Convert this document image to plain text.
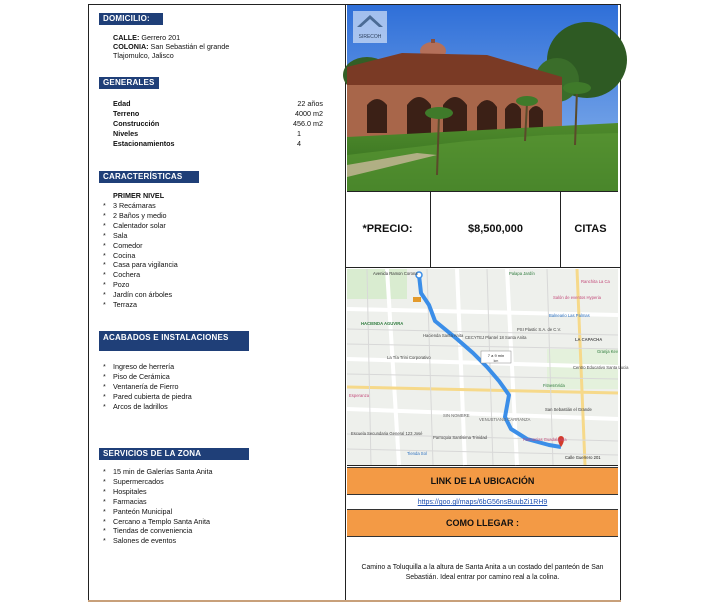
DOMICILIO:
CALLE: Gerrero 201
COLONIA: San Sebastián el grande
Tlajomulco, Jalisco
GENERALES
Edad	22 años
Terreno	4000 m2
Construcción	456.0 m2
Niveles	1
Estacionamientos	4
CARACTERÍSTICAS
PRIMER NIVEL
* 3 Recámaras
* 2 Baños y medio
* Calentador solar
* Sala
* Comedor
* Cocina
* Casa para vigilancia
* Cochera
* Pozo
* Jardín con árboles
* Terraza
ACABADOS E INSTALACIONES
* Ingreso de herrería
* Piso de Cerámica
* Ventanería de Fierro
* Pared cubierta de piedra
* Arcos de ladrillos
SERVICIOS DE LA ZONA
* 15 min de Galerías Santa Anita
* Supermercados
* Hospitales
* Farmacias
* Panteón Municipal
* Cercano a Templo Santa Anita
* Tiendas de conveniencia
* Salones de eventos
SIRECOH
*PRECIO:	$8,500,000	CITAS
7 a 9 min
km
Avenida Ramon Corona	Palapa Jardín
Ranchita La Ca
Salón de eventos Hyperia
Balneario Las Palmas
HACIENDA AGUVIRA
Hacienda Santa Anita CECYTEJ Plantel 18 Santa Anita
PSI Plastic S.A. de C.V.
LA CAPACHA
Granja Kev
La Tía Trini Corporativo
Centro Educativo Santa Lucia
FitnessVida
Esperanza
SIN NOMBRE
VENUSTIANO CARRANZA
San Sebastián el Grande
Escuela Secundaria General 123 José
Parroquia Santísima Trinidad	Farmacias Guadalajara
Tienda Sol
Calle Guerrero 201
LINK DE LA UBICACIÓN
https://goo.gl/maps/6bG56nsBuubZi1RH9
COMO LLEGAR :
Camino a Toluquilla a la altura de Santa Anita a un costado del panteón de San Sebastián. Ideal entrar por camino real a la colina.
